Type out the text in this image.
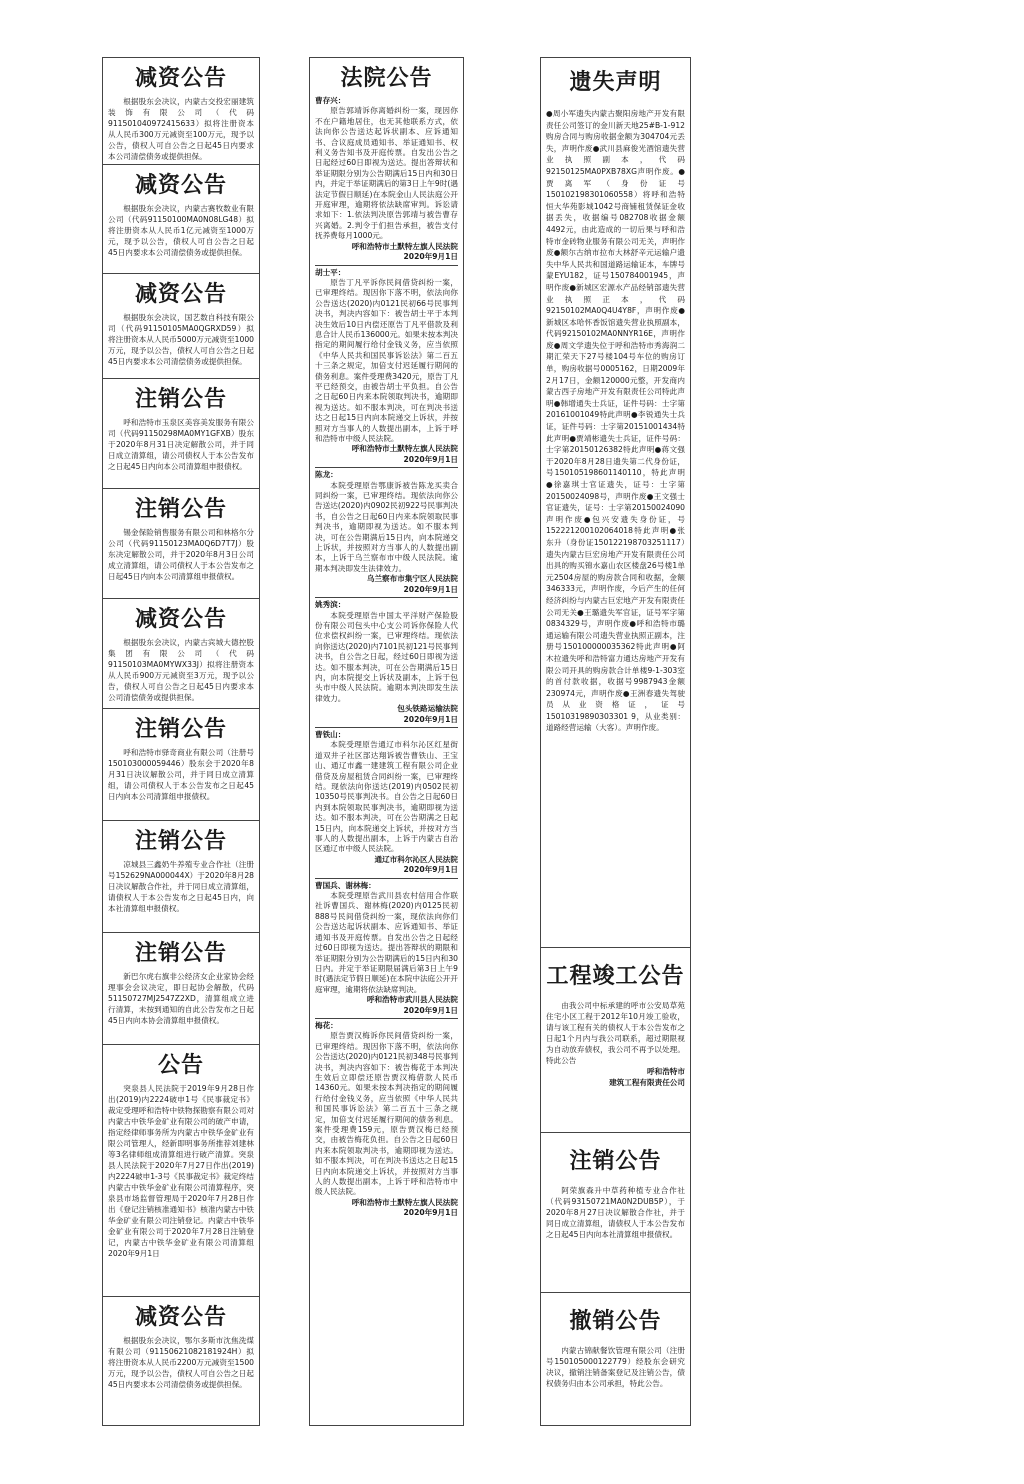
减资公告
根据股东会决议，内蒙古交投宏丽建筑装饰有限公司（代码911501040972415633）拟将注册资本从人民币300万元减资至100万元，现予以公告，债权人可自公告之日起45日内要求本公司清偿债务或提供担保。
减资公告
根据股东会决议，内蒙古赛牧数业有限公司（代码91150100MA0N08LG48）拟将注册资本从人民币1亿元减资至1000万元，现予以公告，债权人可自公告之日起45日内要求本公司清偿债务或提供担保。
减资公告
根据股东会决议，国艺数自科技有限公司（代码91150105MA0QGRXD59）拟将注册资本从人民币5000万元减资至1000万元，现予以公告，债权人可自公告之日起45日内要求本公司清偿债务或提供担保。
注销公告
呼和浩特市玉泉区美容美发服务有限公司（代码91150298MA0MY1GFXB）股东于2020年8月31日决定解散公司，并于同日成立清算组，请公司债权人于本公告发布之日起45日内向本公司清算组申报债权。
注销公告
锡金保险销售服务有限公司和林格尔分公司（代码91150123MA0Q6D7T7J）股东决定解散公司，并于2020年8月3日公司成立清算组，请公司债权人于本公告发布之日起45日内向本公司清算组申报债权。
减资公告
根据股东会决议，内蒙古宾城大德控股集团有限公司（代码91150103MA0MYWX33J）拟将注册资本从人民币900万元减资至3万元，现予以公告，债权人可自公告之日起45日内要求本公司清偿债务或提供担保。
注销公告
呼和浩特市驿奇商业有限公司（注册号150103000059446）股东会于2020年8月31日决议解散公司，并于同日成立清算组，请公司债权人于本公告发布之日起45日内向本公司清算组申报债权。
注销公告
凉城县三鑫奶牛养殖专业合作社（注册号152629NA000044X）于2020年8月28日决议解散合作社，并于同日成立清算组，请债权人于本公告发布之日起45日内，向本社清算组申报债权。
注销公告
新巴尔虎右旗非公经济女企业家协会经理事会会议决定，即日起协会解散，代码51150727MJ2547Z2XD，清算组成立进行清算，未按到通知的自此公告发布之日起45日内向本协会清算组申报债权。
公告
突泉县人民法院于2019年9月28日作出(2019)内2224破申1号《民事裁定书》裁定受理呼和浩特中铁物探勘察有限公司对内蒙古中铁华金矿业有限公司的破产申请，指定经律师事务所为内蒙古中铁华金矿业有限公司管理人，经新即明事务所推荐刘建林等3名律师组成清算组进行破产清算。突泉县人民法院于2020年7月27日作出(2019)内2224破申1-3号《民事裁定书》裁定终结内蒙古中铁华金矿业有限公司清算程序，突泉县市场监督管理局于2020年7月28日作出《登记注销核准通知书》核准内蒙古中铁华金矿业有限公司注销登记。内蒙古中铁华金矿业有限公司于2020年7月28日注销登记，内蒙古中铁华金矿业有限公司清算组 2020年9月1日
减资公告
根据股东会决议，鄂尔多斯市沈焦洗煤有限公司（91150621082181924H）拟将注册资本从人民币2200万元减资至1500万元，现予以公告，债权人可自公告之日起45日内要求本公司清偿债务或提供担保。
法院公告
曹存兴：
原告郭靖诉你离婚纠纷一案，现因你不在户籍地居住，也无其他联系方式，依法向你公告送达起诉状副本、应诉通知书、合议庭成员通知书、举证通知书、权利义务告知书及开庭传票。自发出公告之日起经过60日即视为送达。提出答辩状和举证期限分别为公告期满后15日内和30日内，并定于举证期满后的第3日上午9时(遇法定节假日顺延)在本院金山人民法庭公开开庭审理，逾期将依法缺席审判。诉讼请求如下：1.依法判决原告郭靖与被告曹存兴离婚。2.判令于们担告承担，被告支付抚养费每月1000元。
呼和浩特市土默特左旗人民法院
2020年9月1日
胡士平：
原告丁凡平诉你民间借贷纠纷一案，已审理终结。现因你下落不明，依法向你公告送达(2020)内0121民初66号民事判决书，判决内容如下：被告胡士平于本判决生效后10日内偿还原告丁凡平借款及利息合计人民币136000元。如果未按本判决指定的期间履行给付金钱义务，应当依照《中华人民共和国民事诉讼法》第二百五十三条之规定，加倍支付迟延履行期间的债务利息。案件受理费3420元，原告丁凡平已经预交，由被告胡士平负担。自公告之日起60日内来本院领取判决书，逾期即视为送达。如不服本判决，可在判决书送达之日起15日内向本院递交上诉状，并按照对方当事人的人数提出副本，上诉于呼和浩特市中级人民法院。
呼和浩特市土默特左旗人民法院
2020年9月1日
陈龙：
本院受理原告鄂康诉被告陈龙买卖合同纠纷一案，已审理终结。现依法向你公告送达(2020)内0902民初922号民事判决书，自公告之日起60日内来本院领取民事判决书，逾期即视为送达。如不服本判决，可在公告期满后15日内，向本院递交上诉状，并按照对方当事人的人数提出副本，上诉于乌兰察布市中级人民法院。逾期本判决即发生法律效力。
乌兰察布市集宁区人民法院
2020年9月1日
姚秀滨：
本院受理原告中国太平洋财产保险股份有限公司包头中心支公司诉你保险人代位求偿权纠纷一案，已审理终结。现依法向你送达(2020)内7101民初121号民事判决书，自公告之日起，经过60日即视为送达。如不服本判决，可在公告期满后15日内，向本院提交上诉状及副本，上诉于包头市中级人民法院。逾期本判决即发生法律效力。
包头铁路运输法院
2020年9月1日
曹铁山：
本院受理原告通辽市科尔沁区红星街道双井子社区部达翔诉被告曹铁山、王宝山、通辽市鑫一建建筑工程有限公司企业借贷及房屋租赁合同纠纷一案，已审理终结。现依法向你送达(2019)内0502民初10350号民事判决书。自公告之日起60日内到本院领取民事判决书，逾期即视为送达。如不服本判决，可在公告期满之日起15日内，向本院递交上诉状，并按对方当事人的人数提出副本，上诉于内蒙古自治区通辽市中级人民法院。
通辽市科尔沁区人民法院
2020年9月1日
曹国兵、谢林梅：
本院受理原告武川县农村信用合作联社诉曹国兵、谢林梅(2020)内0125民初888号民间借贷纠纷一案，现依法向你们公告送达起诉状副本、应诉通知书、举证通知书及开庭传票。自发出公告之日起经过60日即视为送达。提出答辩状的期限和举证期限分别为公告期满后的15日内和30日内。并定于举证期限届满后第3日上午9时(遇法定节假日顺延)在本院中法庭公开开庭审理，逾期将依法缺席判决。
呼和浩特市武川县人民法院
2020年9月1日
梅花：
原告贾汉梅诉你民间借贷纠纷一案，已审理终结。现因你下落不明，依法向你公告送达(2020)内0121民初348号民事判决书，判决内容如下：被告梅花于本判决生效后立即偿还原告贾汉梅借款人民币14360元。如果未按本判决指定的期间履行给付金钱义务，应当依照《中华人民共和国民事诉讼法》第二百五十三条之规定，加倍支付迟延履行期间的债务利息。案件受理费159元，原告贾汉梅已经预交，由被告梅花负担。自公告之日起60日内来本院领取判决书，逾期即视为送达。如不服本判决，可在判决书送达之日起15日内向本院递交上诉状，并按照对方当事人的人数提出副本，上诉于呼和浩特市中级人民法院。
呼和浩特市土默特左旗人民法院
2020年9月1日
遗失声明
●周小军遗失内蒙古聚阳房地产开发有限责任公司签订的金川新天地25#B-1-912购房合同与购房收据金额为304704元丢失，声明作废●武川县麻俊光酒馆遗失营业执照副本，代码92150125MA0PXB78XG声明作废。●贾离军（身份证号150102198301060558）将呼和浩特恒大华苑影城1042号商铺租赁保证金收据丢失，收据编号082708收据金额4492元，由此造成的一切后果与呼和浩特市金砖物业服务有限公司无关，声明作废●额尔古纳市拉布大林舒辛元运输户遗失中华人民共和国道路运输证本，车牌号蒙EYU182，证号150784001945，声明作废●新城区宏源水产品经销部遗失营业执照正本，代码92150102MA0Q4U4Y8F，声明作废●新城区本哈怀香饭馆遗失营业执照副本，代码92150102MA0NNYR16E，声明作废●周文学遗失位于呼和浩特市秀海润二期汇荣天下27号楼104号车位的购房订单，购房收据号0005162，日期2009年2月17日，金额120000元整，开发商内蒙古西子房地产开发有限责任公司特此声明●韩增通失士兵证，证件号码：士字第20161001049特此声明●李锐通失士兵证，证件号码：士字第20151001434特此声明●贾靖彬遗失士兵证，证件号码：士字第20150126382特此声明●蒋文强于2020年8月28日遗失第二代身份证，号150105198601140110，特此声明●徐嘉琪士官证遗失，证号：士字第20150024098号，声明作废●王文强士官证遗失，证号：士字第20150024090声明作废●包兴安遗失身份证，号152221200102064018特此声明●张东升（身份证150122198703251117）遗失内蒙古巨宏房地产开发有限责任公司出具的购买锦水嘉山农区楼盘26号楼1单元2504房屋的购房款合同和收据，金额346333元，声明作废，今后产生的任何经济纠纷与内蒙古巨宏地产开发有限责任公司无关●王璐遗失军官证，证号军字第0834329号，声明作废●呼和浩特市璐通运输有限公司遗失营业执照正副本，注册号150100000035362特此声明●阿木拉遗失呼和浩特富力通达房地产开发有限公司开具的购房款合计单楼9-1-303室的首付款收据，收据号9987943金额230974元，声明作废●王洲春遗失驾驶员从业资格证，证号15010319890303301 9，从业类别：道路经营运输（大客）。声明作废。
工程竣工公告
由我公司中标承建的呼市公安局草苑住宅小区工程于2012年10月竣工验收，请与该工程有关的债权人于本公告发布之日起1个月内与我公司联系，超过期限视为自动放弃债权，我公司不再予以处理。特此公告
呼和浩特市
建筑工程有限责任公司
注销公告
阿荣旗森升中草药种植专业合作社（代码93150721MA0N2DUB5P），于2020年8月27日决议解散合作社，并于同日成立清算组，请债权人于本公告发布之日起45日内向本社清算组申报债权。
撤销公告
内蒙古锦献餐饮管理有限公司（注册号150105000122779）经股东会研究决议，撤销注销备案登记及注销公告，债权债务归由本公司承担，特此公告。
